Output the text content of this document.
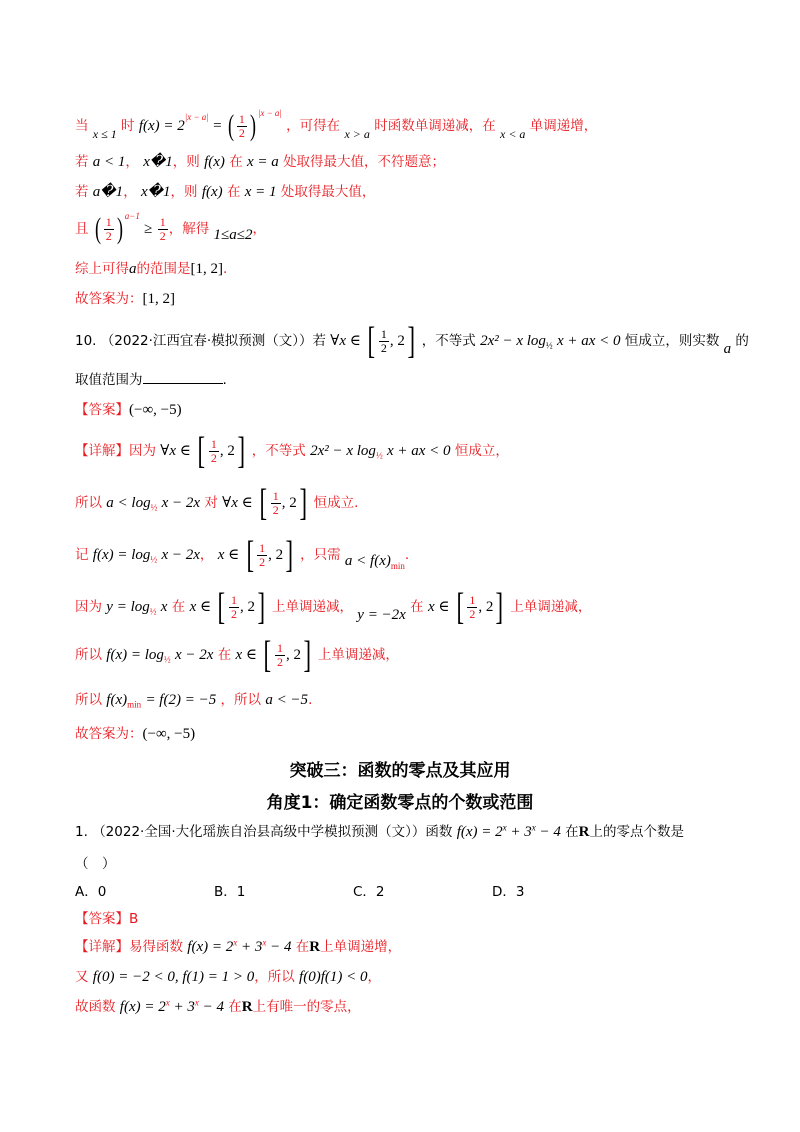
当 x ≤ 1 时 $f(x) = 2^{|x - a|}$ = ( $\frac{1}{2}$ ) $^{|x - a|}$ ，可得在 x > a 时函数单调递减，在 x < a 单调递增，
若 a < 1， x�1，则 f(x) 在 x = a 处取得最大值，不符题意；
若 a�1， x�1，则 f(x) 在 x = 1 处取得最大值，
且 ( $\frac{1}{2}$ ) $^{a-1} \ge \frac{1}{2}$ ，解得 1≤a≤2，
综上可得a的范围是[1, 2].
故答案为：[1, 2]
10. （2022·江西宜春·模拟预测（文））若 ∀x ∈ [ $\frac{1}{2}$ , 2] ，不等式 2x² − x $\log_{\frac{1}{2}} x$ + ax < 0 恒成立，则实数 a 的
取值范围为	.
【答案】(−∞, −5)
【详解】因为 ∀x ∈ [ $\frac{1}{2}$ , 2] ，不等式 2x² − x $\log_{\frac{1}{2}} x$ + ax < 0 恒成立，
所以 $a < \log_{\frac{1}{2}} x - 2x$ 对 ∀x ∈ [ $\frac{1}{2}$ , 2] 恒成立.
记 $f(x) = \log_{\frac{1}{2}} x - 2x$， x ∈ [ $\frac{1}{2}$ , 2] ，只需 $a < f(x)_{min}$.
因为 $y = \log_{\frac{1}{2}} x$ 在 x ∈ [ $\frac{1}{2}$ , 2] 上单调递减， y = −2x 在 x ∈ [ $\frac{1}{2}$ , 2] 上单调递减，
所以 $f(x) = \log_{\frac{1}{2}} x - 2x$ 在 x ∈ [ $\frac{1}{2}$ , 2] 上单调递减，
所以 $f(x)_{min} = f(2) = -5$ ，所以 a < −5.
故答案为：(−∞, −5)
突破三：函数的零点及其应用
角度1：确定函数零点的个数或范围
1. （2022·全国·大化瑶族自治县高级中学模拟预测（文））函数 $f(x) = 2^x + 3^x - 4$ 在R上的零点个数是
（　）
A．0	B．1	C．2	D．3
【答案】B
【详解】易得函数 $f(x) = 2^x + 3^x - 4$ 在R上单调递增，
又 f(0) = −2 < 0, f(1) = 1 > 0，所以 f(0)f(1) < 0，
故函数 $f(x) = 2^x + 3^x - 4$ 在R上有唯一的零点，
